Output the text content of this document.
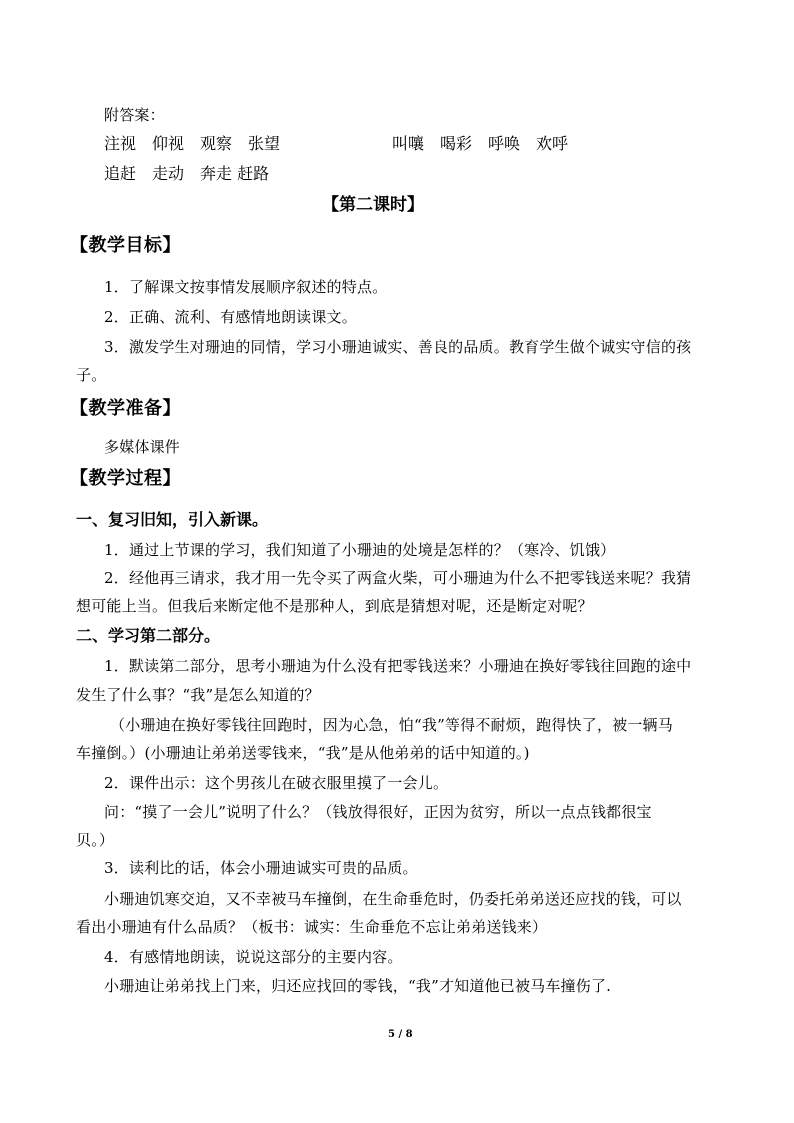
附答案：
注视　仰视　观察　张望	叫嚷　喝彩　呼唤　欢呼
追赶　走动　奔走 赶路
【第二课时】
【教学目标】
1．了解课文按事情发展顺序叙述的特点。
2．正确、流利、有感情地朗读课文。
3．激发学生对珊迪的同情，学习小珊迪诚实、善良的品质。教育学生做个诚实守信的孩
子。
【教学准备】
多媒体课件
【教学过程】
一、复习旧知，引入新课。
1．通过上节课的学习，我们知道了小珊迪的处境是怎样的？（寒冷、饥饿）
2．经他再三请求，我才用一先令买了两盒火柴，可小珊迪为什么不把零钱送来呢？我猜
想可能上当。但我后来断定他不是那种人，到底是猜想对呢，还是断定对呢？
二、学习第二部分。
1．默读第二部分，思考小珊迪为什么没有把零钱送来？小珊迪在换好零钱往回跑的途中
发生了什么事？“我”是怎么知道的？
（小珊迪在换好零钱往回跑时，因为心急，怕“我”等得不耐烦，跑得快了，被一辆马
车撞倒。）(小珊迪让弟弟送零钱来，“我”是从他弟弟的话中知道的。)
2．课件出示：这个男孩儿在破衣服里摸了一会儿。
问：“摸了一会儿”说明了什么？（钱放得很好，正因为贫穷，所以一点点钱都很宝
贝。）
3．读利比的话，体会小珊迪诚实可贵的品质。
小珊迪饥寒交迫，又不幸被马车撞倒，在生命垂危时，仍委托弟弟送还应找的钱，可以
看出小珊迪有什么品质？（板书：诚实：生命垂危不忘让弟弟送钱来）
4．有感情地朗读，说说这部分的主要内容。
小珊迪让弟弟找上门来，归还应找回的零钱，“我”才知道他已被马车撞伤了.
5 / 8
